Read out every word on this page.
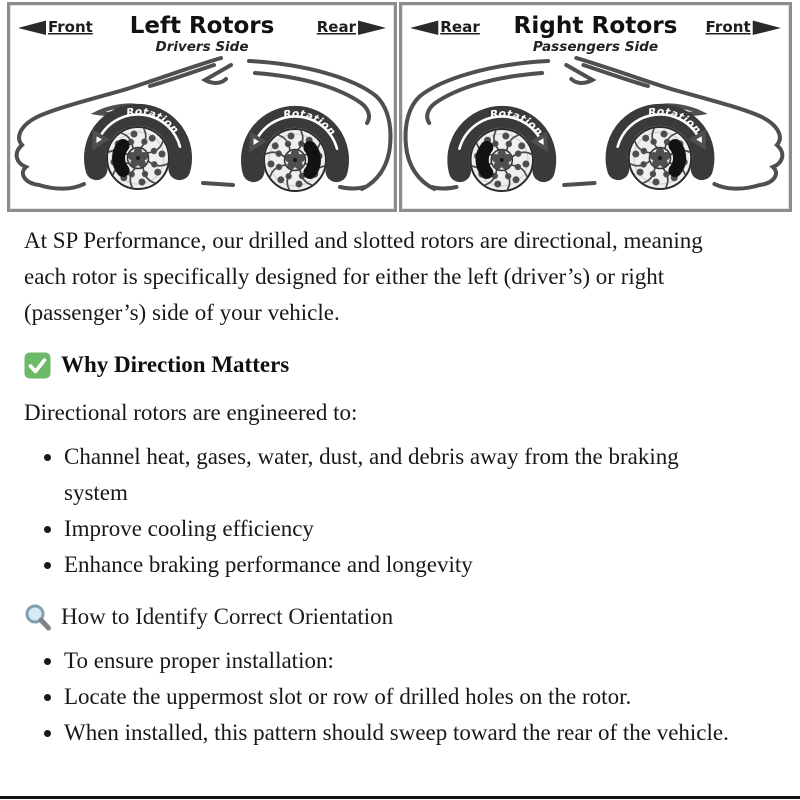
Front Left Rotors
Drivers Side
Rear
Rotation
Rotation
Rear Right Rotors
Passengers Side
Front
Rotation
Rotation

At SP Performance, our drilled and slotted rotors are directional, meaning each rotor is specifically designed for either the left (driver’s) or right (passenger’s) side of your vehicle.

Why Direction Matters

Directional rotors are engineered to:

• Channel heat, gases, water, dust, and debris away from the braking system
• Improve cooling efficiency
• Enhance braking performance and longevity
How to Identify Correct Orientation
• To ensure proper installation:
• Locate the uppermost slot or row of drilled holes on the rotor.
• When installed, this pattern should sweep toward the rear of the vehicle.
